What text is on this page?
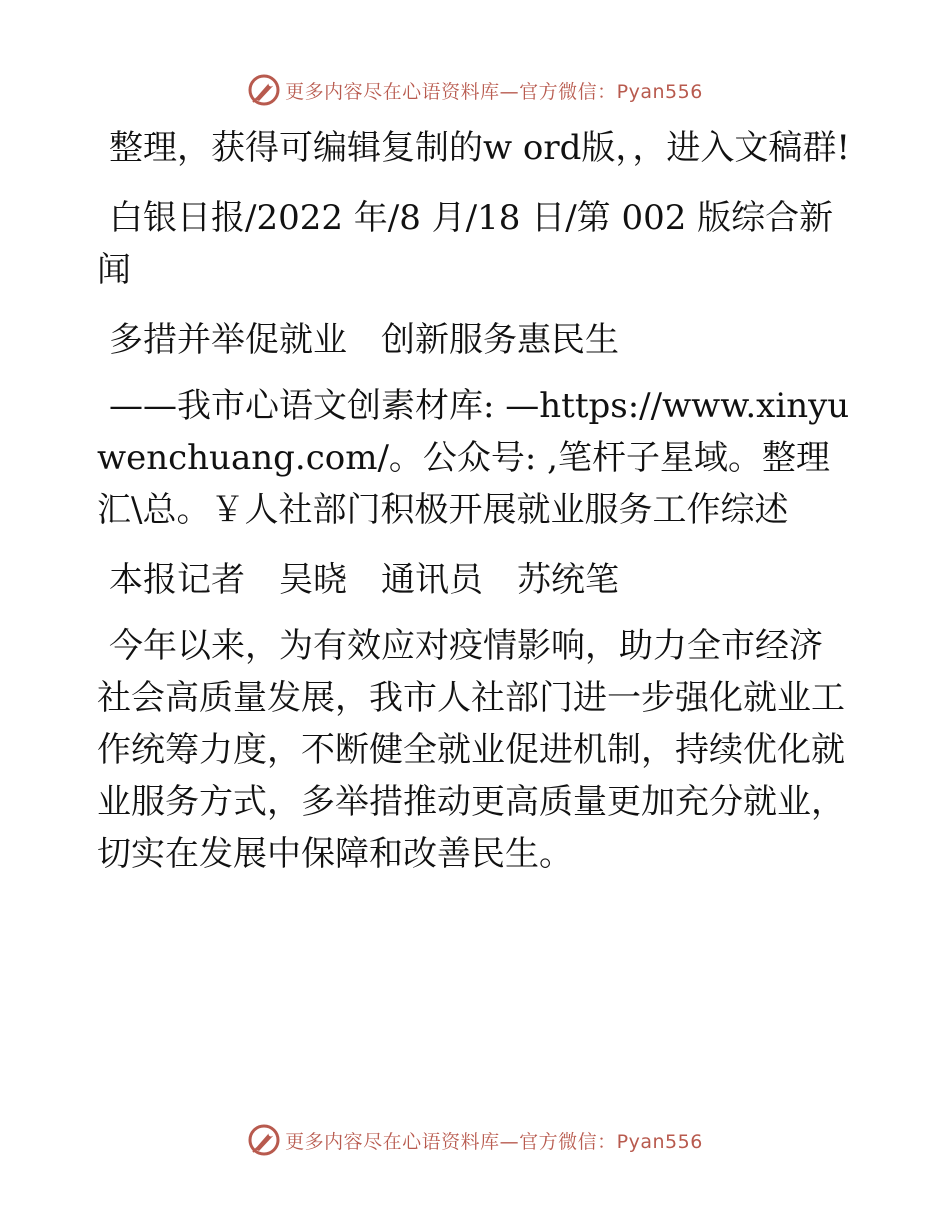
更多内容尽在心语资料库—官方微信：Pyan556

整理，获得可编辑复制的w ord版，，进入文稿群!

白银日报/2022 年/8 月/18 日/第 002 版综合新闻

多措并举促就业　创新服务惠民生

——我市心语文创素材库: —https://www.xinyuwenchuang.com/。公众号: ,笔杆子星域。整理汇\总。￥人社部门积极开展就业服务工作综述

本报记者　吴晓　通讯员　苏统笔

今年以来，为有效应对疫情影响，助力全市经济社会高质量发展，我市人社部门进一步强化就业工作统筹力度，不断健全就业促进机制，持续优化就业服务方式，多举措推动更高质量更加充分就业，切实在发展中保障和改善民生。

更多内容尽在心语资料库—官方微信：Pyan556
